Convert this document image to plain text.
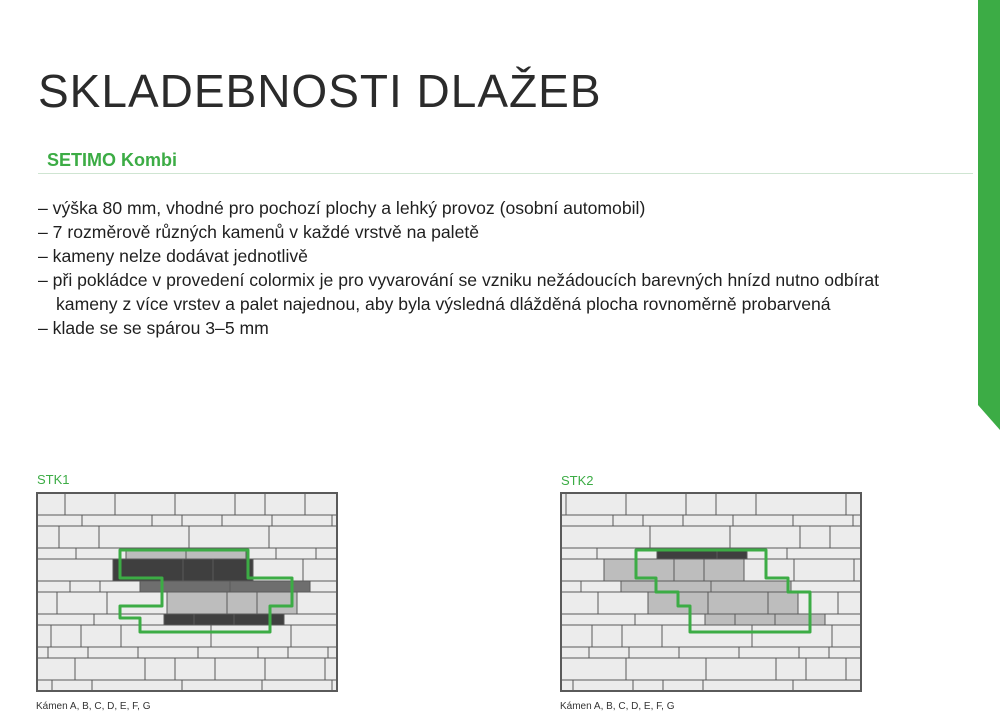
SKLADEBNOSTI DLAŽEB
SETIMO Kombi
– výška 80 mm, vhodné pro pochozí plochy a lehký provoz (osobní automobil)
– 7 rozměrově různých kamenů v každé vrstvě na paletě
– kameny nelze dodávat jednotlivě
– při pokládce v provedení colormix je pro vyvarování se vzniku nežádoucích barevných hnízd nutno odbírat kameny z více vrstev a palet najednou, aby byla výsledná dlážděná plocha rovnoměrně probarvená
– klade se se spárou 3–5 mm
STK1
Kámen A, B, C, D, E, F, G
STK2
Kámen A, B, C, D, E, F, G
